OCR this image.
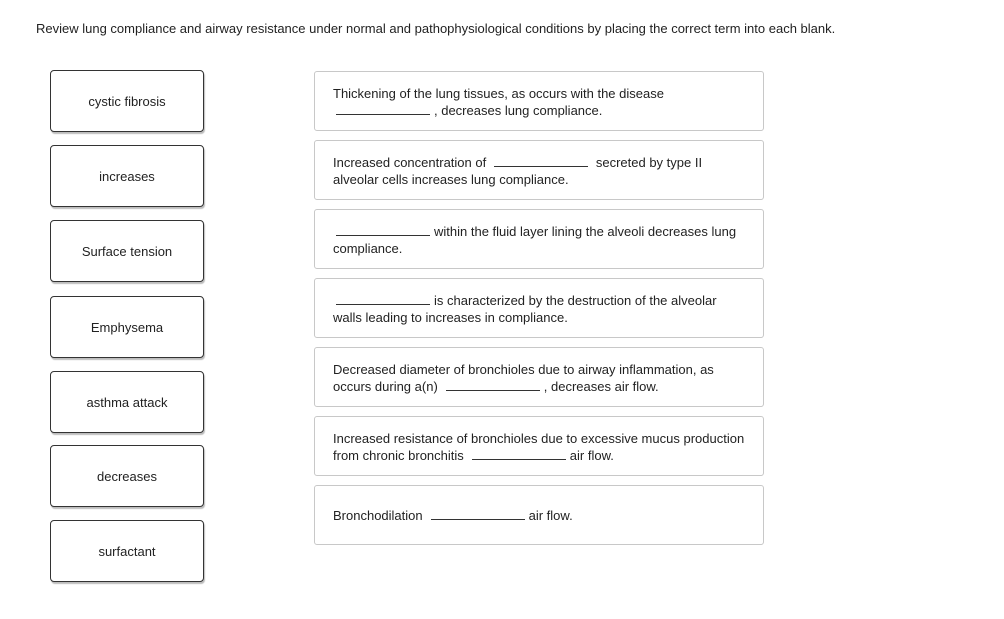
Review lung compliance and airway resistance under normal and pathophysiological conditions by placing the correct term into each blank.
cystic fibrosis
increases
Surface tension
Emphysema
asthma attack
decreases
surfactant
Thickening of the lung tissues, as occurs with the disease
, decreases lung compliance.
Increased concentration of	secreted by type II alveolar cells increases lung compliance.
within the fluid layer lining the alveoli decreases lung compliance.
is characterized by the destruction of the alveolar walls leading to increases in compliance.
Decreased diameter of bronchioles due to airway inflammation, as occurs during a(n)	, decreases air flow.
Increased resistance of bronchioles due to excessive mucus production from chronic bronchitis	air flow.
Bronchodilation	air flow.
